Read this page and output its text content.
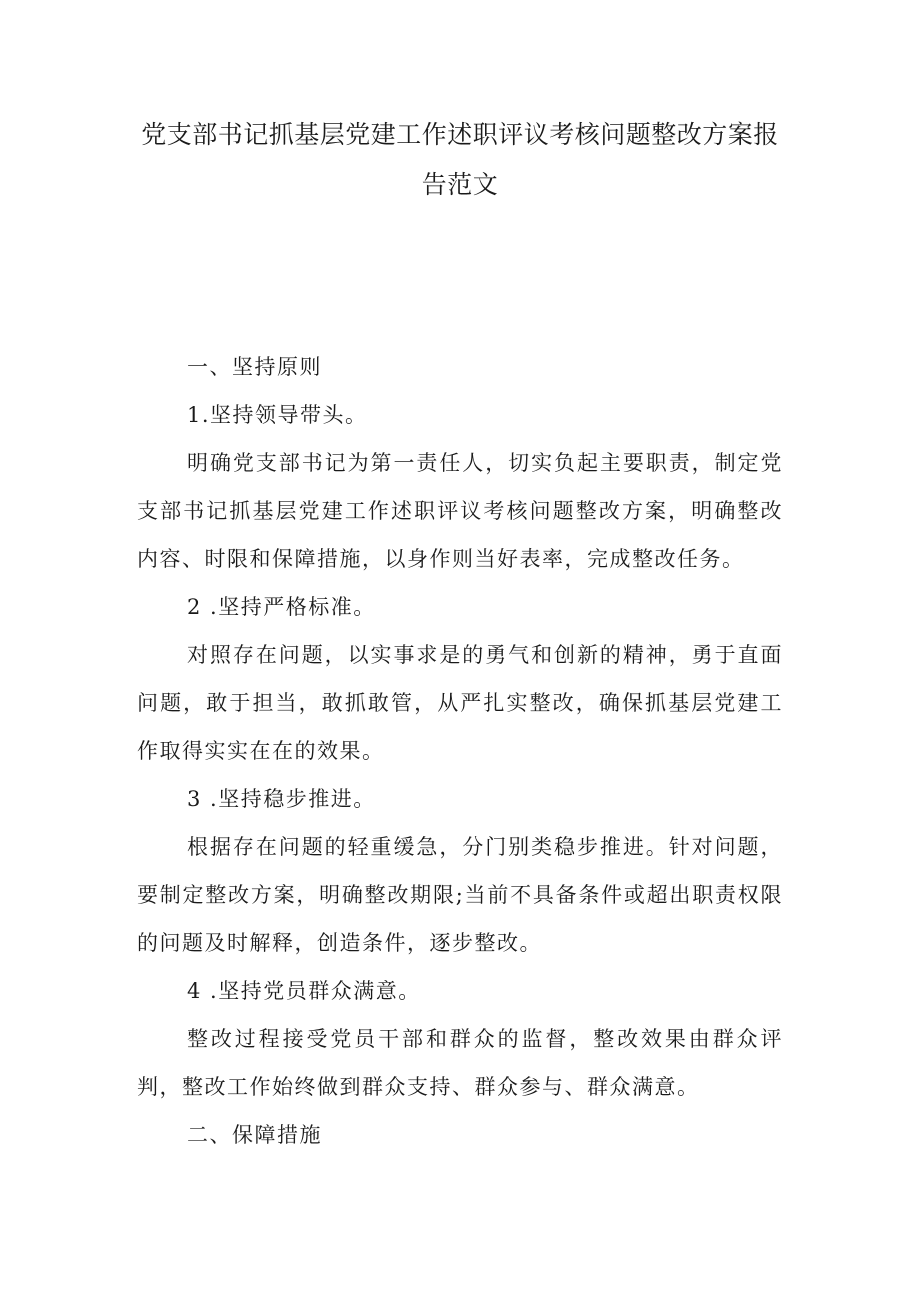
党支部书记抓基层党建工作述职评议考核问题整改方案报
告范文

一、坚持原则

1.坚持领导带头。

明确党支部书记为第一责任人，切实负起主要职责，制定党支部书记抓基层党建工作述职评议考核问题整改方案，明确整改内容、时限和保障措施，以身作则当好表率，完成整改任务。

2 .坚持严格标准。

对照存在问题，以实事求是的勇气和创新的精神，勇于直面问题，敢于担当，敢抓敢管，从严扎实整改，确保抓基层党建工作取得实实在在的效果。

3 .坚持稳步推进。

根据存在问题的轻重缓急，分门别类稳步推进。针对问题，要制定整改方案，明确整改期限;当前不具备条件或超出职责权限的问题及时解释，创造条件，逐步整改。

4 .坚持党员群众满意。

整改过程接受党员干部和群众的监督，整改效果由群众评判，整改工作始终做到群众支持、群众参与、群众满意。

二、保障措施
